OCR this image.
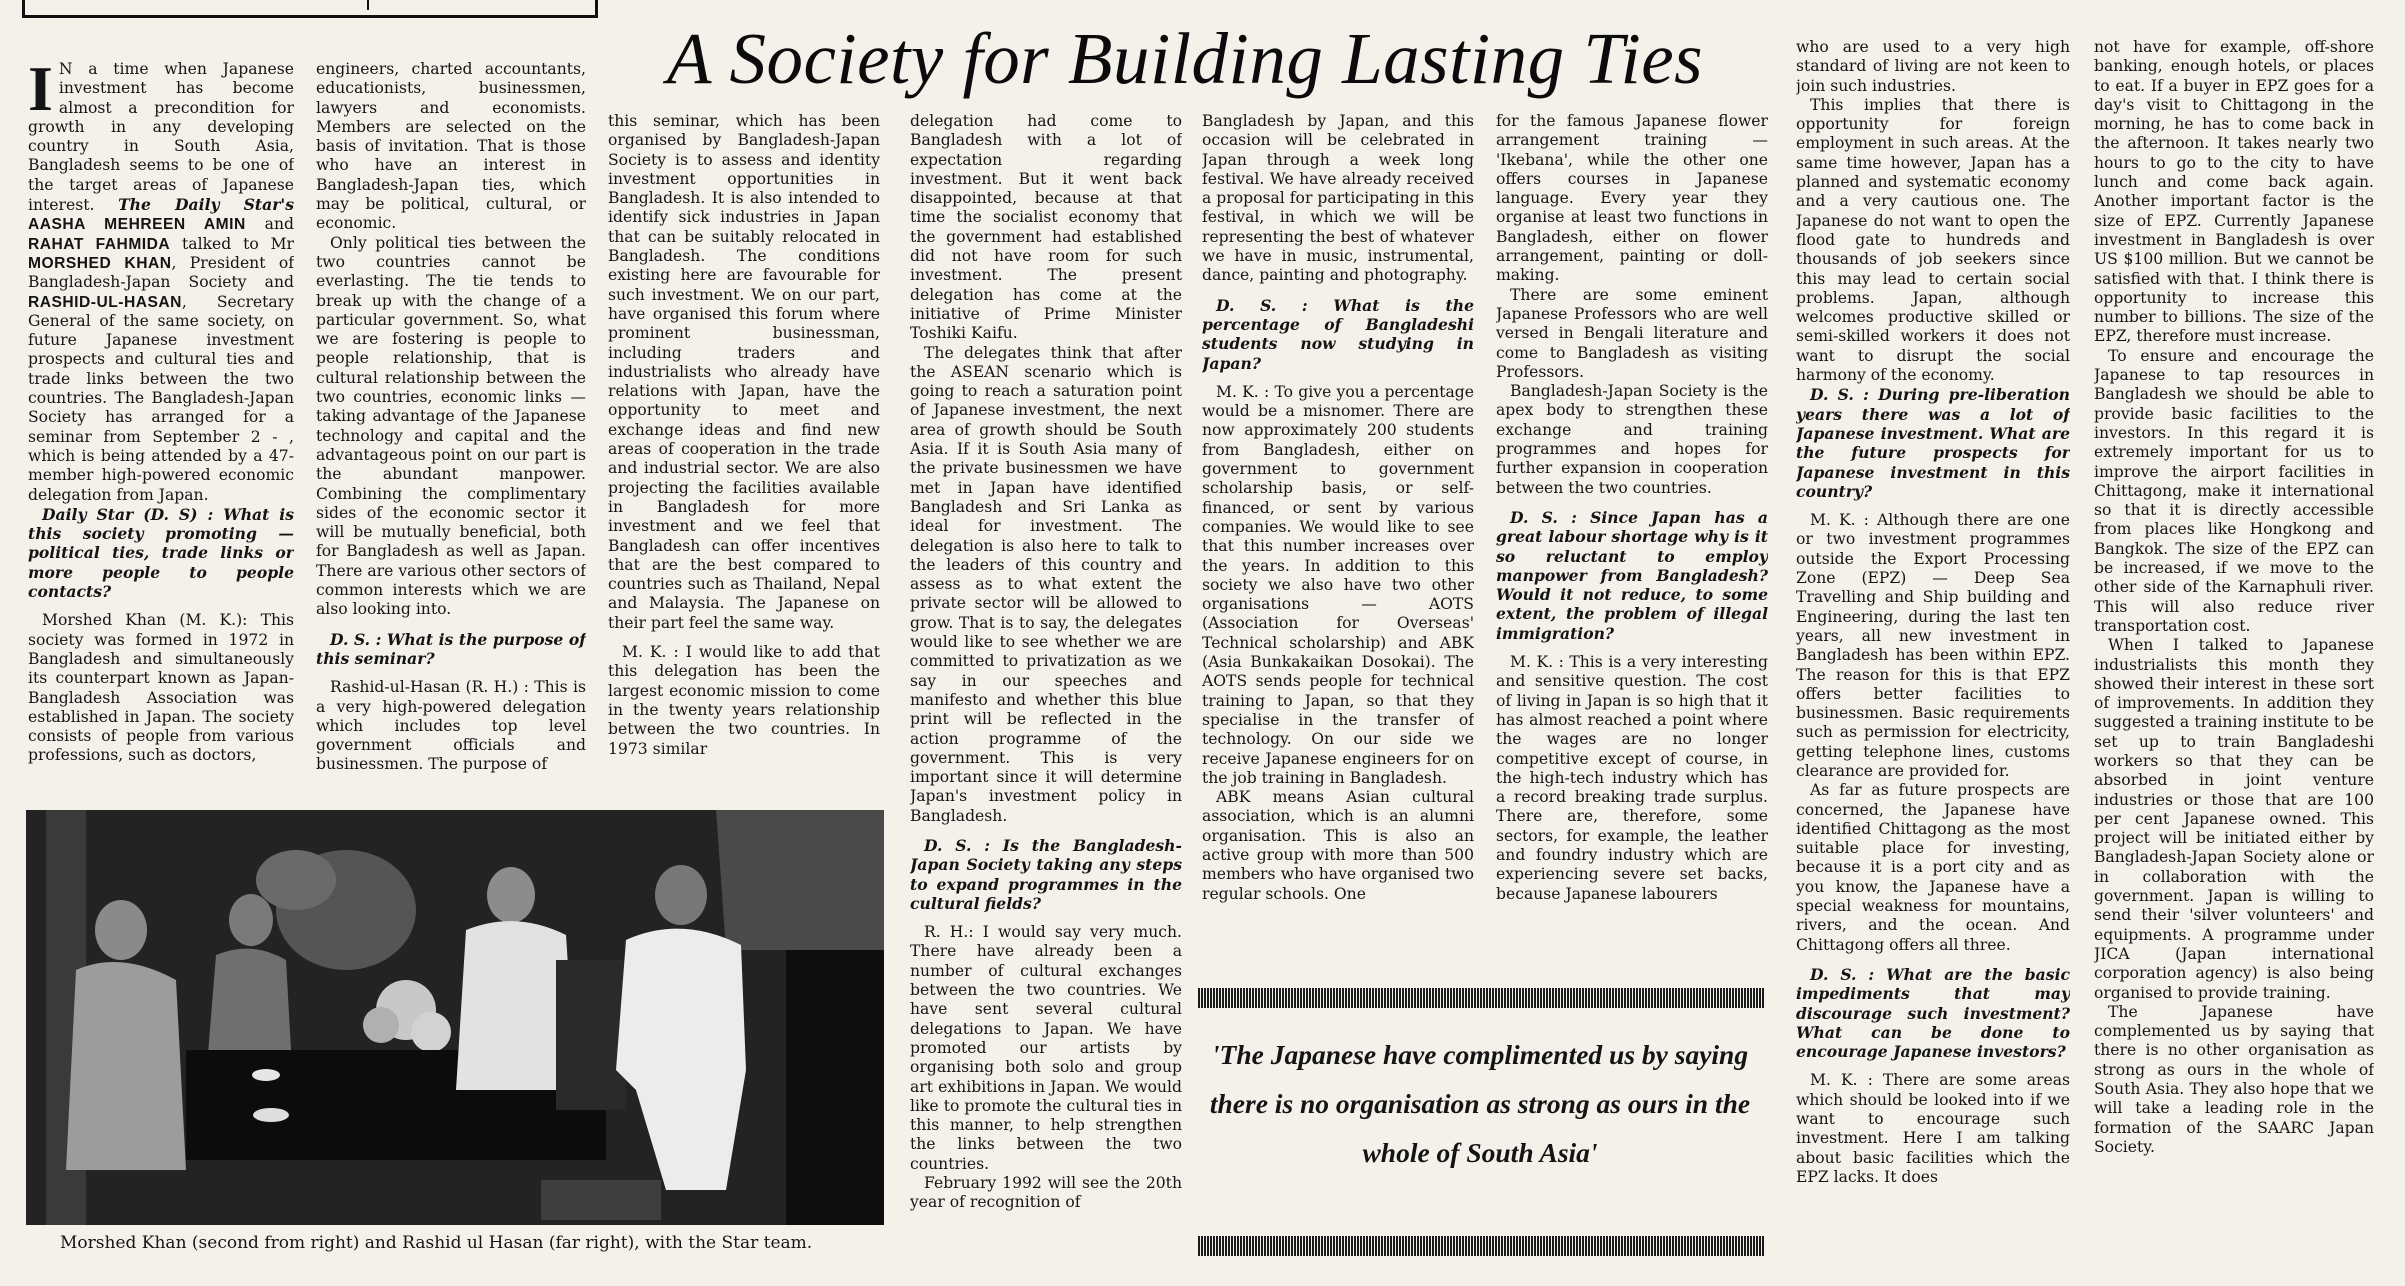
A Society for Building Lasting Ties

I N a time when Japanese investment has become almost a precondition for growth in any developing country in South Asia, Bangladesh seems to be one of the target areas of Japanese interest. The Daily Star's AASHA MEHREEN AMIN and RAHAT FAHMIDA talked to Mr MORSHED KHAN, President of Bangladesh-Japan Society and RASHID-UL-HASAN, Secretary General of the same society, on future Japanese investment prospects and cultural ties and trade links between the two countries. The Bangladesh-Japan Society has arranged for a seminar from September 2 - , which is being attended by a 47-member high-powered economic delegation from Japan.

Daily Star (D. S) : What is this society promoting — political ties, trade links or more people to people contacts?

Morshed Khan (M. K.): This society was formed in 1972 in Bangladesh and simultaneously its counterpart known as Japan-Bangladesh Association was established in Japan. The society consists of people from various professions, such as doctors,

engineers, charted accountants, educationists, businessmen, lawyers and economists. Members are selected on the basis of invitation. That is those who have an interest in Bangladesh-Japan ties, which may be political, cultural, or economic.

Only political ties between the two countries cannot be everlasting. The tie tends to break up with the change of a particular government. So, what we are fostering is people to people relationship, that is cultural relationship between the two countries, economic links — taking advantage of the Japanese technology and capital and the advantageous point on our part is the abundant manpower. Combining the complimentary sides of the economic sector it will be mutually beneficial, both for Bangladesh as well as Japan. There are various other sectors of common interests which we are also looking into.

D. S. : What is the purpose of this seminar?

Rashid-ul-Hasan (R. H.) : This is a very high-powered delegation which includes top level government officials and businessmen. The purpose of

this seminar, which has been organised by Bangladesh-Japan Society is to assess and identity investment opportunities in Bangladesh. It is also intended to identify sick industries in Japan that can be suitably relocated in Bangladesh. The conditions existing here are favourable for such investment. We on our part, have organised this forum where prominent businessman, including traders and industrialists who already have relations with Japan, have the opportunity to meet and exchange ideas and find new areas of cooperation in the trade and industrial sector. We are also projecting the facilities available in Bangladesh for more investment and we feel that Bangladesh can offer incentives that are the best compared to countries such as Thailand, Nepal and Malaysia. The Japanese on their part feel the same way.

M. K. : I would like to add that this delegation has been the largest economic mission to come in the twenty years relationship between the two countries. In 1973 similar

Morshed Khan (second from right) and Rashid ul Hasan (far right), with the Star team.

delegation had come to Bangladesh with a lot of expectation regarding investment. But it went back disappointed, because at that time the socialist economy that the government had established did not have room for such investment. The present delegation has come at the initiative of Prime Minister Toshiki Kaifu.

The delegates think that after the ASEAN scenario which is going to reach a saturation point of Japanese investment, the next area of growth should be South Asia. If it is South Asia many of the private businessmen we have met in Japan have identified Bangladesh and Sri Lanka as ideal for investment. The delegation is also here to talk to the leaders of this country and assess as to what extent the private sector will be allowed to grow. That is to say, the delegates would like to see whether we are committed to privatization as we say in our speeches and manifesto and whether this blue print will be reflected in the action programme of the government. This is very important since it will determine Japan's investment policy in Bangladesh.

D. S. : Is the Bangladesh-Japan Society taking any steps to expand programmes in the cultural fields?

R. H.: I would say very much. There have already been a number of cultural exchanges between the two countries. We have sent several cultural delegations to Japan. We have promoted our artists by organising both solo and group art exhibitions in Japan. We would like to promote the cultural ties in this manner, to help strengthen the links between the two countries.

February 1992 will see the 20th year of recognition of

Bangladesh by Japan, and this occasion will be celebrated in Japan through a week long festival. We have already received a proposal for participating in this festival, in which we will be representing the best of whatever we have in music, instrumental, dance, painting and photography.

D. S. : What is the percentage of Bangladeshi students now studying in Japan?

M. K. : To give you a percentage would be a misnomer. There are now approximately 200 students from Bangladesh, either on government to government scholarship basis, or self-financed, or sent by various companies. We would like to see that this number increases over the years. In addition to this society we also have two other organisations — AOTS (Association for Overseas' Technical scholarship) and ABK (Asia Bunkakaikan Dosokai). The AOTS sends people for technical training to Japan, so that they specialise in the transfer of technology. On our side we receive Japanese engineers for on the job training in Bangladesh.

ABK means Asian cultural association, which is an alumni organisation. This is also an active group with more than 500 members who have organised two regular schools. One

for the famous Japanese flower arrangement training — 'Ikebana', while the other one offers courses in Japanese language. Every year they organise at least two functions in Bangladesh, either on flower arrangement, painting or doll-making.

There are some eminent Japanese Professors who are well versed in Bengali literature and come to Bangladesh as visiting Professors.

Bangladesh-Japan Society is the apex body to strengthen these exchange and training programmes and hopes for further expansion in cooperation between the two countries.

D. S. : Since Japan has a great labour shortage why is it so reluctant to employ manpower from Bangladesh? Would it not reduce, to some extent, the problem of illegal immigration?

M. K. : This is a very interesting and sensitive question. The cost of living in Japan is so high that it has almost reached a point where the wages are no longer competitive except of course, in the high-tech industry which has a record breaking trade surplus. There are, therefore, some sectors, for example, the leather and foundry industry which are experiencing severe set backs, because Japanese labourers

'The Japanese have complimented us by saying there is no organisation as strong as ours in the whole of South Asia'

who are used to a very high standard of living are not keen to join such industries.

This implies that there is opportunity for foreign employment in such areas. At the same time however, Japan has a planned and systematic economy and a very cautious one. The Japanese do not want to open the flood gate to hundreds and thousands of job seekers since this may lead to certain social problems. Japan, although welcomes productive skilled or semi-skilled workers it does not want to disrupt the social harmony of the economy.

D. S. : During pre-liberation years there was a lot of Japanese investment. What are the future prospects for Japanese investment in this country?

M. K. : Although there are one or two investment programmes outside the Export Processing Zone (EPZ) — Deep Sea Travelling and Ship building and Engineering, during the last ten years, all new investment in Bangladesh has been within EPZ. The reason for this is that EPZ offers better facilities to businessmen. Basic requirements such as permission for electricity, getting telephone lines, customs clearance are provided for.

As far as future prospects are concerned, the Japanese have identified Chittagong as the most suitable place for investing, because it is a port city and as you know, the Japanese have a special weakness for mountains, rivers, and the ocean. And Chittagong offers all three.

D. S. : What are the basic impediments that may discourage such investment? What can be done to encourage Japanese investors?

M. K. : There are some areas which should be looked into if we want to encourage such investment. Here I am talking about basic facilities which the EPZ lacks. It does

not have for example, off-shore banking, enough hotels, or places to eat. If a buyer in EPZ goes for a day's visit to Chittagong in the morning, he has to come back in the afternoon. It takes nearly two hours to go to the city to have lunch and come back again. Another important factor is the size of EPZ. Currently Japanese investment in Bangladesh is over US $100 million. But we cannot be satisfied with that. I think there is opportunity to increase this number to billions. The size of the EPZ, therefore must increase.

To ensure and encourage the Japanese to tap resources in Bangladesh we should be able to provide basic facilities to the investors. In this regard it is extremely important for us to improve the airport facilities in Chittagong, make it international so that it is directly accessible from places like Hongkong and Bangkok. The size of the EPZ can be increased, if we move to the other side of the Karnaphuli river. This will also reduce river transportation cost.

When I talked to Japanese industrialists this month they showed their interest in these sort of improvements. In addition they suggested a training institute to be set up to train Bangladeshi workers so that they can be absorbed in joint venture industries or those that are 100 per cent Japanese owned. This project will be initiated either by Bangladesh-Japan Society alone or in collaboration with the government. Japan is willing to send their 'silver volunteers' and equipments. A programme under JICA (Japan international corporation agency) is also being organised to provide training.

The Japanese have complemented us by saying that there is no other organisation as strong as ours in the whole of South Asia. They also hope that we will take a leading role in the formation of the SAARC Japan Society.
